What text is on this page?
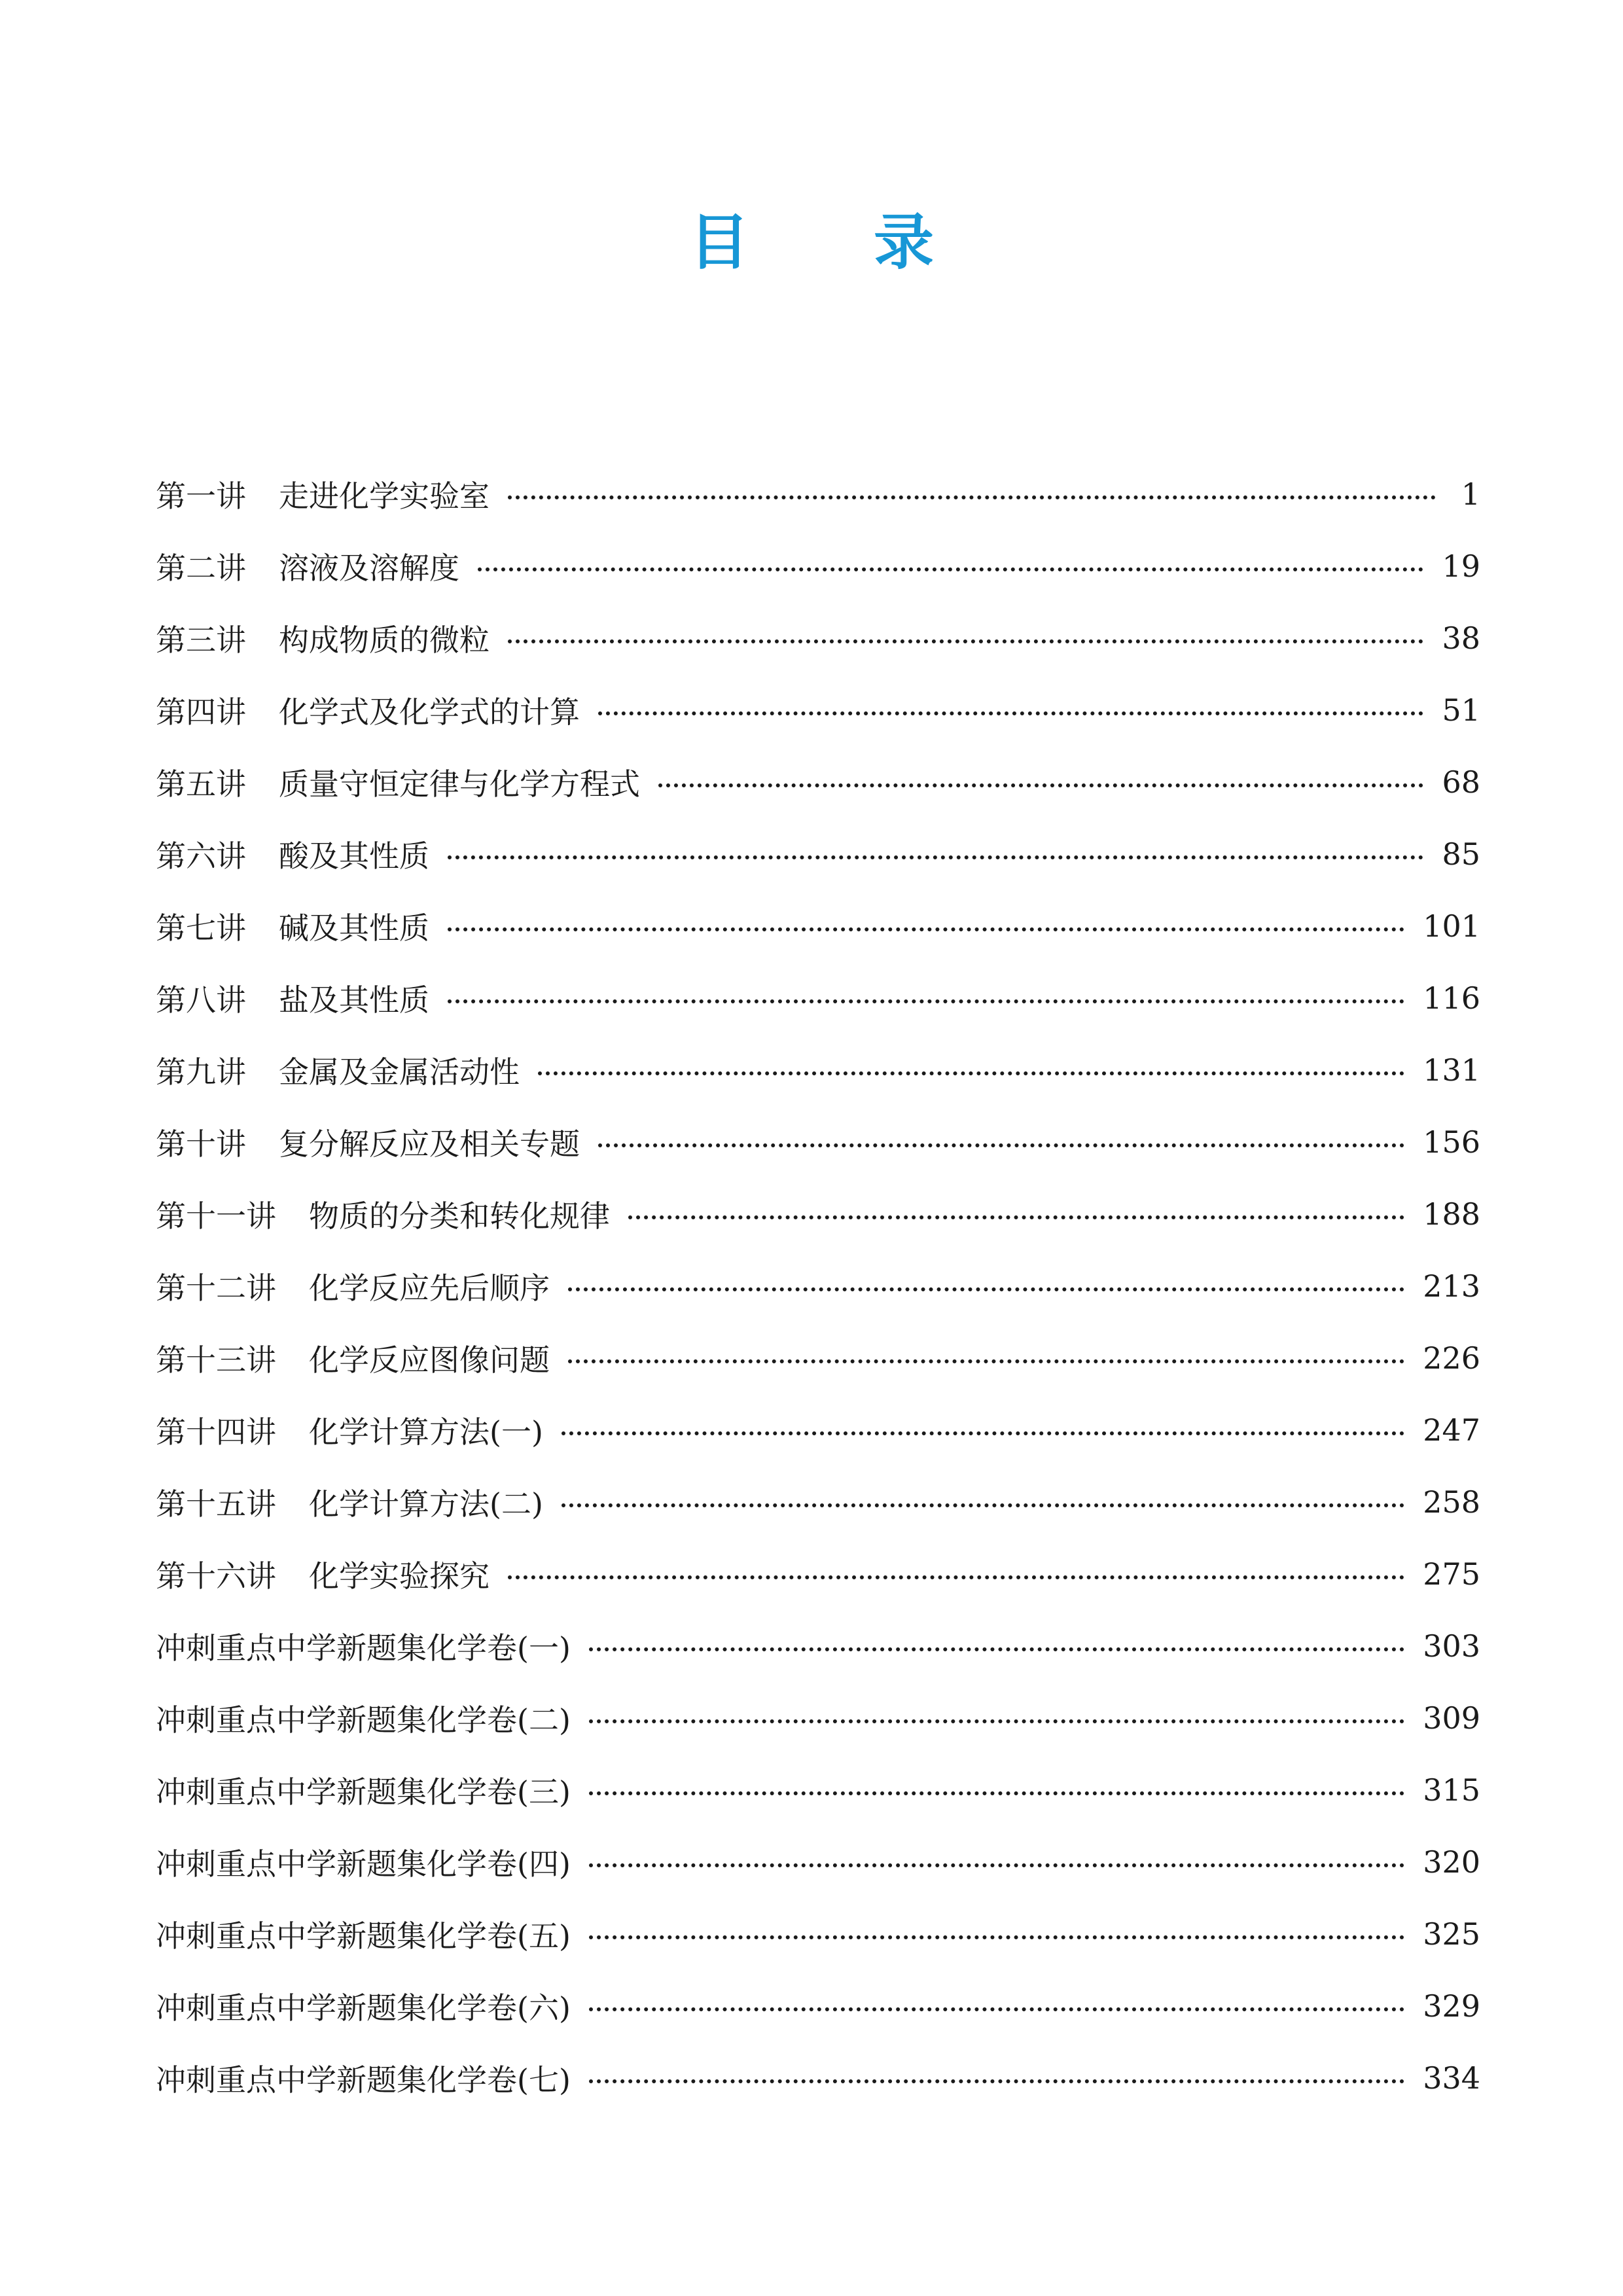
目 录
第一讲 走进化学实验室	1
第二讲 溶液及溶解度	19
第三讲 构成物质的微粒	38
第四讲 化学式及化学式的计算	51
第五讲 质量守恒定律与化学方程式	68
第六讲 酸及其性质	85
第七讲 碱及其性质	101
第八讲 盐及其性质	116
第九讲 金属及金属活动性	131
第十讲 复分解反应及相关专题	156
第十一讲 物质的分类和转化规律	188
第十二讲 化学反应先后顺序	213
第十三讲 化学反应图像问题	226
第十四讲 化学计算方法(一)	247
第十五讲 化学计算方法(二)	258
第十六讲 化学实验探究	275
冲刺重点中学新题集化学卷(一)	303
冲刺重点中学新题集化学卷(二)	309
冲刺重点中学新题集化学卷(三)	315
冲刺重点中学新题集化学卷(四)	320
冲刺重点中学新题集化学卷(五)	325
冲刺重点中学新题集化学卷(六)	329
冲刺重点中学新题集化学卷(七)	334
